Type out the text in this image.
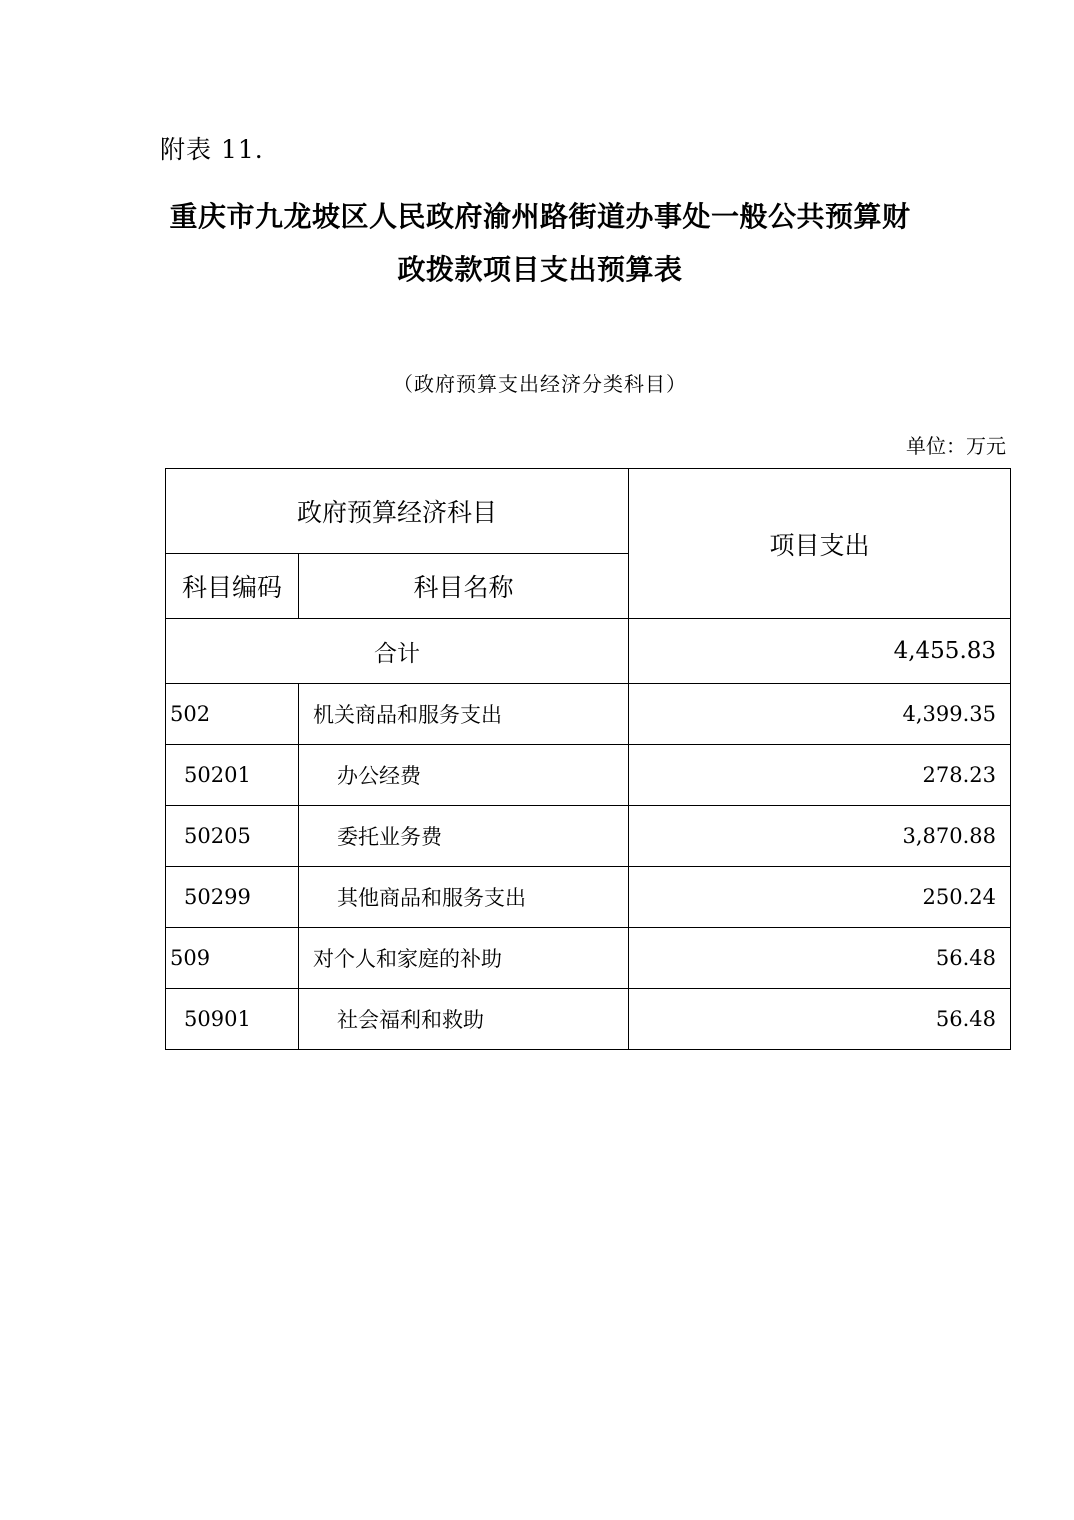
附表 11.
重庆市九龙坡区人民政府渝州路街道办事处一般公共预算财政拨款项目支出预算表
（政府预算支出经济分类科目）
单位：万元
政府预算经济科目		项目支出
科目编码	科目名称	
合计		4,455.83
502	机关商品和服务支出	4,399.35
50201	办公经费	278.23
50205	委托业务费	3,870.88
50299	其他商品和服务支出	250.24
509	对个人和家庭的补助	56.48
50901	社会福利和救助	56.48
